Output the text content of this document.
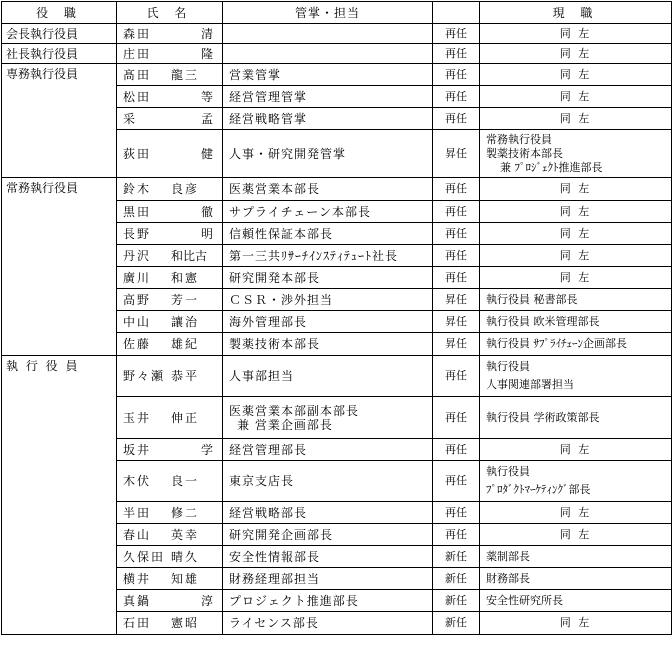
役 職	氏 名	管掌・担当		現 職
会長執行役員	森田 清		再任	同 左

社長執行役員	庄田 隆		再任	同 左

専務執行役員	髙田 龍三	営業管掌	再任	同 左

	松田 等	経営管理管掌	再任	同 左

	采 孟	経営戦略管掌	再任	同 左

	荻田 健	人事・研究開発管掌	昇任	常務執行役員
製薬技術本部長
兼 ﾌﾟﾛｼﾞｪｸﾄ推進部長

常務執行役員	鈴木 良彦	医薬営業本部長	再任	同 左

	黒田 徹	サプライチェーン本部長	再任	同 左

	長野 明	信頼性保証本部長	再任	同 左

	丹沢 和比古	第一三共ﾘｻｰﾁｲﾝｽﾃｨﾃｭｰﾄ社長	再任	同 左

	廣川 和憲	研究開発本部長	再任	同 左

	高野 芳一	ＣＳＲ・渉外担当	昇任	執行役員 秘書部長

	中山 讓治	海外管理部長	昇任	執行役員 欧米管理部長

	佐藤 雄紀	製薬技術本部長	昇任	執行役員 ｻﾌﾟﾗｲﾁｪｰﾝ企画部長

執 行 役 員	野々瀬 恭平	人事部担当	再任	執行役員
人事関連部署担当

	玉井 伸正	医薬営業本部副本部長
兼 営業企画部長	再任	執行役員 学術政策部長

	坂井 学	経営管理部長	再任	同 左

	木伏 良一	東京支店長	再任	執行役員
ﾌﾟﾛﾀﾞｸﾄﾏｰｹﾃｨﾝｸﾞ部長

	半田 修二	経営戦略部長	再任	同 左

	春山 英幸	研究開発企画部長	再任	同 左

	久保田 晴久	安全性情報部長	新任	薬制部長

	横井 知雄	財務経理部担当	新任	財務部長

	真鍋 淳	プロジェクト推進部長	新任	安全性研究所長

	石田 憲昭	ライセンス部長	新任	同 左
